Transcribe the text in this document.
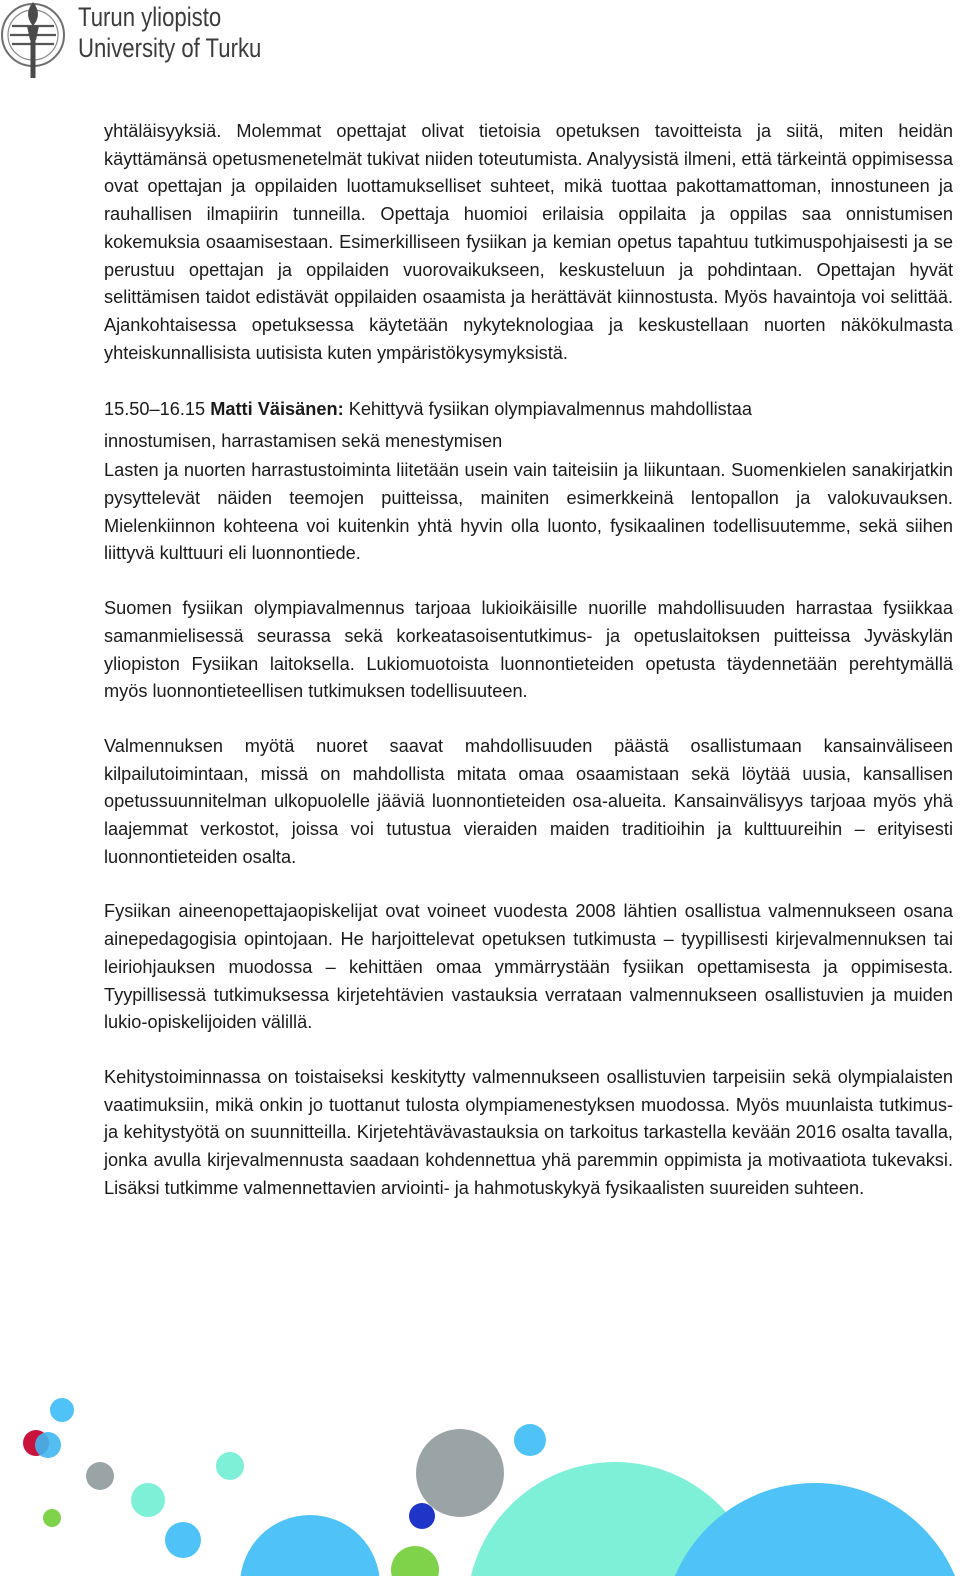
Turun yliopisto
University of Turku

yhtäläisyyksiä. Molemmat opettajat olivat tietoisia opetuksen tavoitteista ja siitä, miten heidän käyttämänsä opetusmenetelmät tukivat niiden toteutumista. Analyysistä ilmeni, että tärkeintä oppimisessa ovat opettajan ja oppilaiden luottamukselliset suhteet, mikä tuottaa pakottamattoman, innostuneen ja rauhallisen ilmapiirin tunneilla. Opettaja huomioi erilaisia oppilaita ja oppilas saa onnistumisen kokemuksia osaamisestaan. Esimerkilliseen fysiikan ja kemian opetus tapahtuu tutkimuspohjaisesti ja se perustuu opettajan ja oppilaiden vuorovaikukseen, keskusteluun ja pohdintaan. Opettajan hyvät selittämisen taidot edistävät oppilaiden osaamista ja herättävät kiinnostusta. Myös havaintoja voi selittää. Ajankohtaisessa opetuksessa käytetään nykyteknologiaa ja keskustellaan nuorten näkökulmasta yhteiskunnallisista uutisista kuten ympäristökysymyksistä.

15.50–16.15 Matti Väisänen: Kehittyvä fysiikan olympiavalmennus mahdollistaa
innostumisen, harrastamisen sekä menestymisen

Lasten ja nuorten harrastustoiminta liitetään usein vain taiteisiin ja liikuntaan. Suomenkielen sanakirjatkin pysyttelevät näiden teemojen puitteissa, mainiten esimerkkeinä lentopallon ja valokuvauksen. Mielenkiinnon kohteena voi kuitenkin yhtä hyvin olla luonto, fysikaalinen todellisuutemme, sekä siihen liittyvä kulttuuri eli luonnontiede.

Suomen fysiikan olympiavalmennus tarjoaa lukioikäisille nuorille mahdollisuuden harrastaa fysiikkaa samanmielisessä seurassa sekä korkeatasoisentutkimus- ja opetuslaitoksen puitteissa Jyväskylän yliopiston Fysiikan laitoksella. Lukiomuotoista luonnontieteiden opetusta täydennetään perehtymällä myös luonnontieteellisen tutkimuksen todellisuuteen.

Valmennuksen myötä nuoret saavat mahdollisuuden päästä osallistumaan kansainväliseen kilpailutoimintaan, missä on mahdollista mitata omaa osaamistaan sekä löytää uusia, kansallisen opetussuunnitelman ulkopuolelle jääviä luonnontieteiden osa-alueita. Kansainvälisyys tarjoaa myös yhä laajemmat verkostot, joissa voi tutustua vieraiden maiden traditioihin ja kulttuureihin – erityisesti luonnontieteiden osalta.

Fysiikan aineenopettajaopiskelijat ovat voineet vuodesta 2008 lähtien osallistua valmennukseen osana ainepedagogisia opintojaan. He harjoittelevat opetuksen tutkimusta – tyypillisesti kirjevalmennuksen tai leiriohjauksen muodossa – kehittäen omaa ymmärrystään fysiikan opettamisesta ja oppimisesta. Tyypillisessä tutkimuksessa kirjetehtävien vastauksia verrataan valmennukseen osallistuvien ja muiden lukio-opiskelijoiden välillä.

Kehitystoiminnassa on toistaiseksi keskitytty valmennukseen osallistuvien tarpeisiin sekä olympialaisten vaatimuksiin, mikä onkin jo tuottanut tulosta olympiamenestyksen muodossa. Myös muunlaista tutkimus- ja kehitystyötä on suunnitteilla. Kirjetehtävävastauksia on tarkoitus tarkastella kevään 2016 osalta tavalla, jonka avulla kirjevalmennusta saadaan kohdennettua yhä paremmin oppimista ja motivaatiota tukevaksi. Lisäksi tutkimme valmennettavien arviointi- ja hahmotuskykyä fysikaalisten suureiden suhteen.
